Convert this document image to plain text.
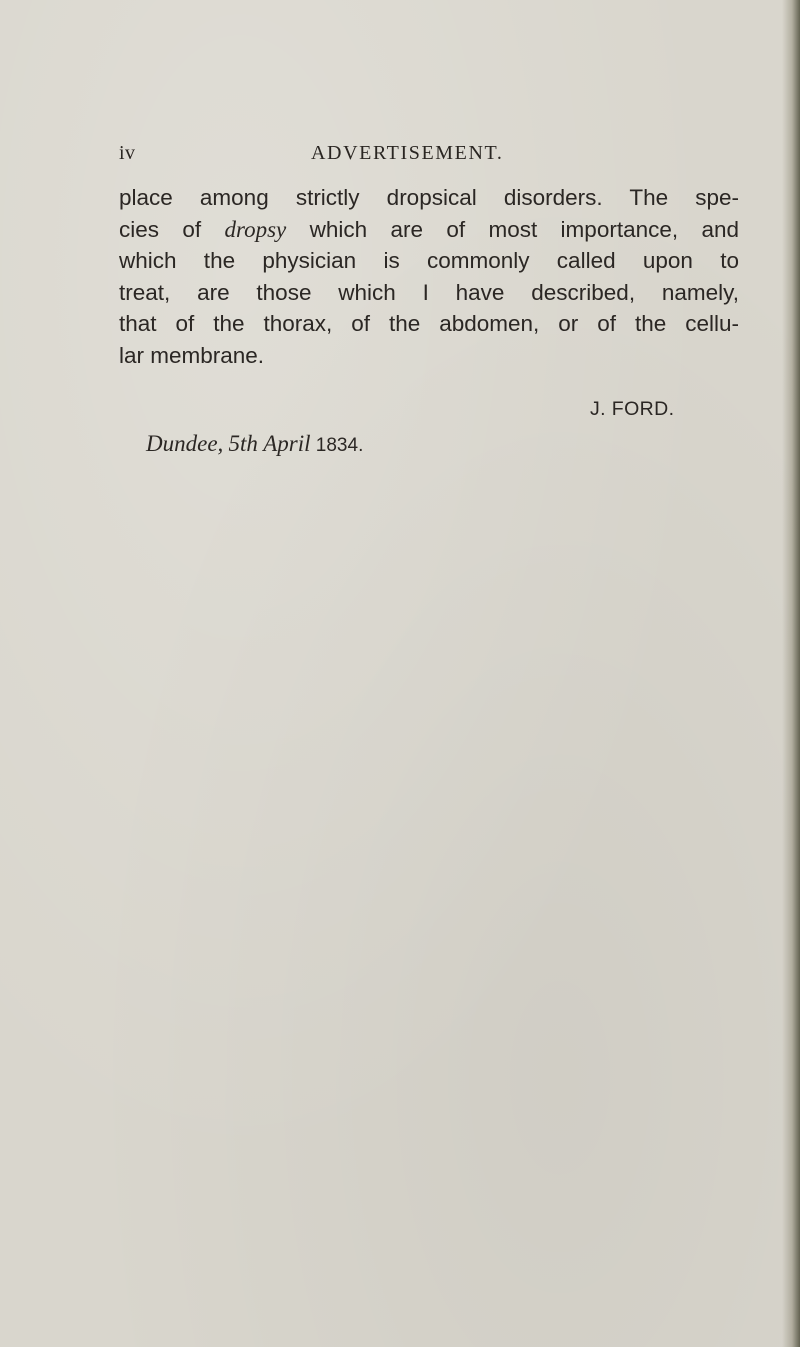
iv	ADVERTISEMENT.
place among strictly dropsical disorders. The spe-
cies of dropsy which are of most importance, and
which the physician is commonly called upon to
treat, are those which I have described, namely,
that of the thorax, of the abdomen, or of the cellu-
lar membrane.
J. FORD.
Dundee, 5th April 1834.
